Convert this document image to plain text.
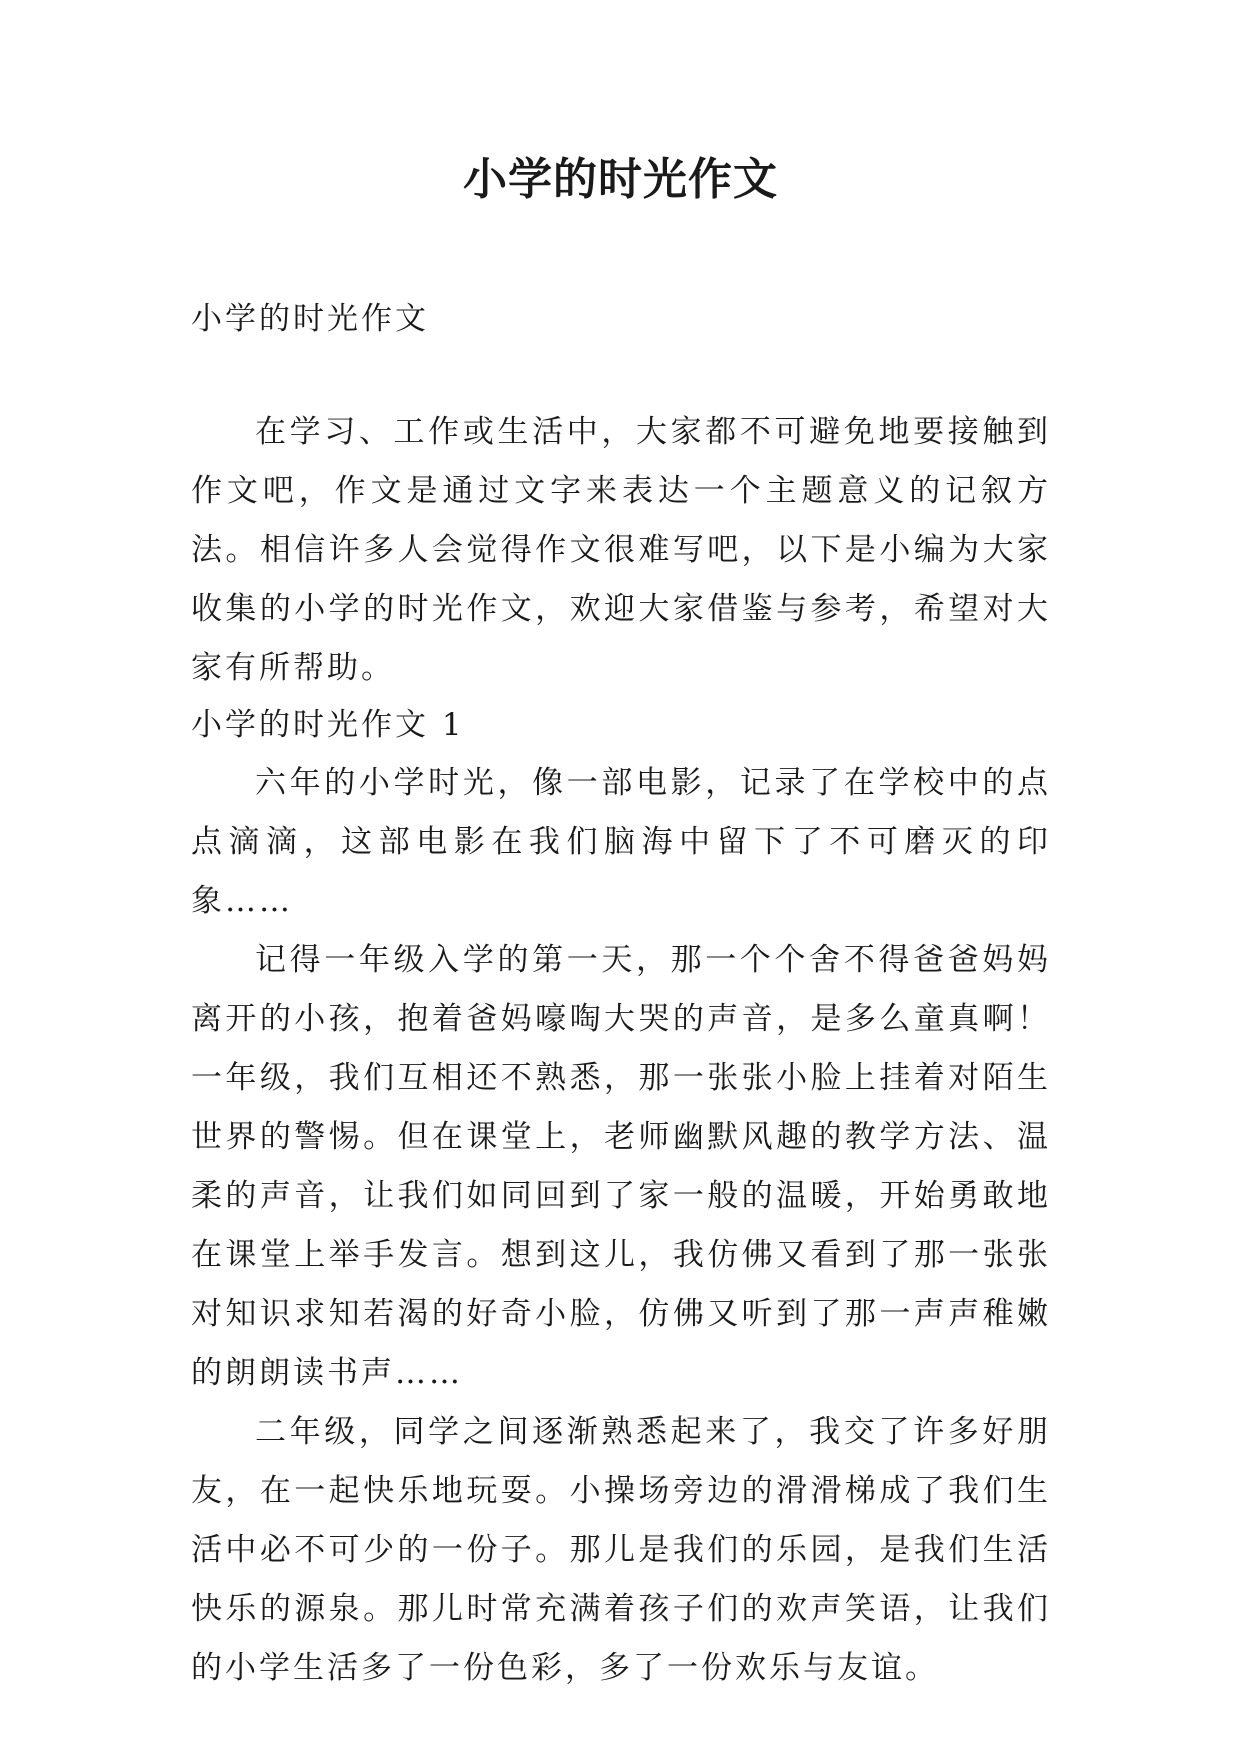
小学的时光作文
小学的时光作文
在学习、工作或生活中，大家都不可避免地要接触到作文吧，作文是通过文字来表达一个主题意义的记叙方法。相信许多人会觉得作文很难写吧，以下是小编为大家收集的小学的时光作文，欢迎大家借鉴与参考，希望对大家有所帮助。
小学的时光作文 1

六年的小学时光，像一部电影，记录了在学校中的点点滴滴，这部电影在我们脑海中留下了不可磨灭的印象……

记得一年级入学的第一天，那一个个舍不得爸爸妈妈离开的小孩，抱着爸妈嚎啕大哭的声音，是多么童真啊！一年级，我们互相还不熟悉，那一张张小脸上挂着对陌生世界的警惕。但在课堂上，老师幽默风趣的教学方法、温柔的声音，让我们如同回到了家一般的温暖，开始勇敢地在课堂上举手发言。想到这儿，我仿佛又看到了那一张张对知识求知若渴的好奇小脸，仿佛又听到了那一声声稚嫩的朗朗读书声……

二年级，同学之间逐渐熟悉起来了，我交了许多好朋友，在一起快乐地玩耍。小操场旁边的滑滑梯成了我们生活中必不可少的一份子。那儿是我们的乐园，是我们生活快乐的源泉。那儿时常充满着孩子们的欢声笑语，让我们的小学生活多了一份色彩，多了一份欢乐与友谊。
